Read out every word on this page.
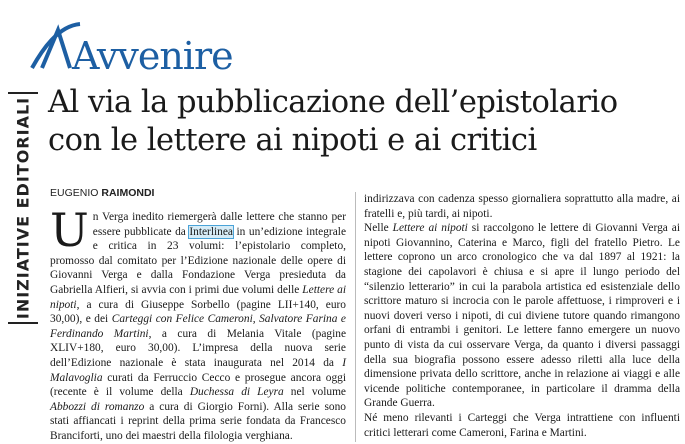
Avvenire
INIZIATIVE EDITORIALI Al via la pubblicazione dell’epistolario
con le lettere ai nipoti e ai critici
EUGENIO RAIMONDI

Un Verga inedito riemergerà dalle lettere che stanno per essere pubblicate da Interlinea in un’edizione integrale e critica in 23 volumi: l’epistolario completo, promosso dal comitato per l’Edizione nazionale delle opere di Giovanni Verga e dalla Fondazione Verga presieduta da Gabriella Alfieri, si avvia con i primi due volumi delle Lettere ai nipoti, a cura di Giuseppe Sorbello (pagine LII+140, euro 30,00), e dei Carteggi con Felice Cameroni, Salvatore Farina e Ferdinando Martini, a cura di Melania Vitale (pagine XLIV+180, euro 30,00). L’impresa della nuova serie dell’Edizione nazionale è stata inaugurata nel 2014 da I Malavoglia curati da Ferruccio Cecco e prosegue ancora oggi (recente è il volume della Duchessa di Leyra nel volume Abbozzi di romanzo a cura di Giorgio Forni). Alla serie sono stati affiancati i reprint della prima serie fondata da Francesco Branciforti, uno dei maestri della filologia verghiana.

indirizzava con cadenza spesso giornaliera soprattutto alla madre, ai fratelli e, più tardi, ai nipoti.

Nelle Lettere ai nipoti si raccolgono le lettere di Giovanni Verga ai nipoti Giovannino, Caterina e Marco, figli del fratello Pietro. Le lettere coprono un arco cronologico che va dal 1897 al 1921: la stagione dei capolavori è chiusa e si apre il lungo periodo del “silenzio letterario” in cui la parabola artistica ed esistenziale dello scrittore maturo si incrocia con le parole affettuose, i rimproveri e i nuovi doveri verso i nipoti, di cui diviene tutore quando rimangono orfani di entrambi i genitori. Le lettere fanno emergere un nuovo punto di vista da cui osservare Verga, da quanto i diversi passaggi della sua biografia possono essere adesso riletti alla luce della dimensione privata dello scrittore, anche in relazione ai viaggi e alle vicende politiche contemporanee, in particolare il dramma della Grande Guerra.

Né meno rilevanti i Carteggi che Verga intrattiene con influenti critici letterari come Cameroni, Farina e Martini.
